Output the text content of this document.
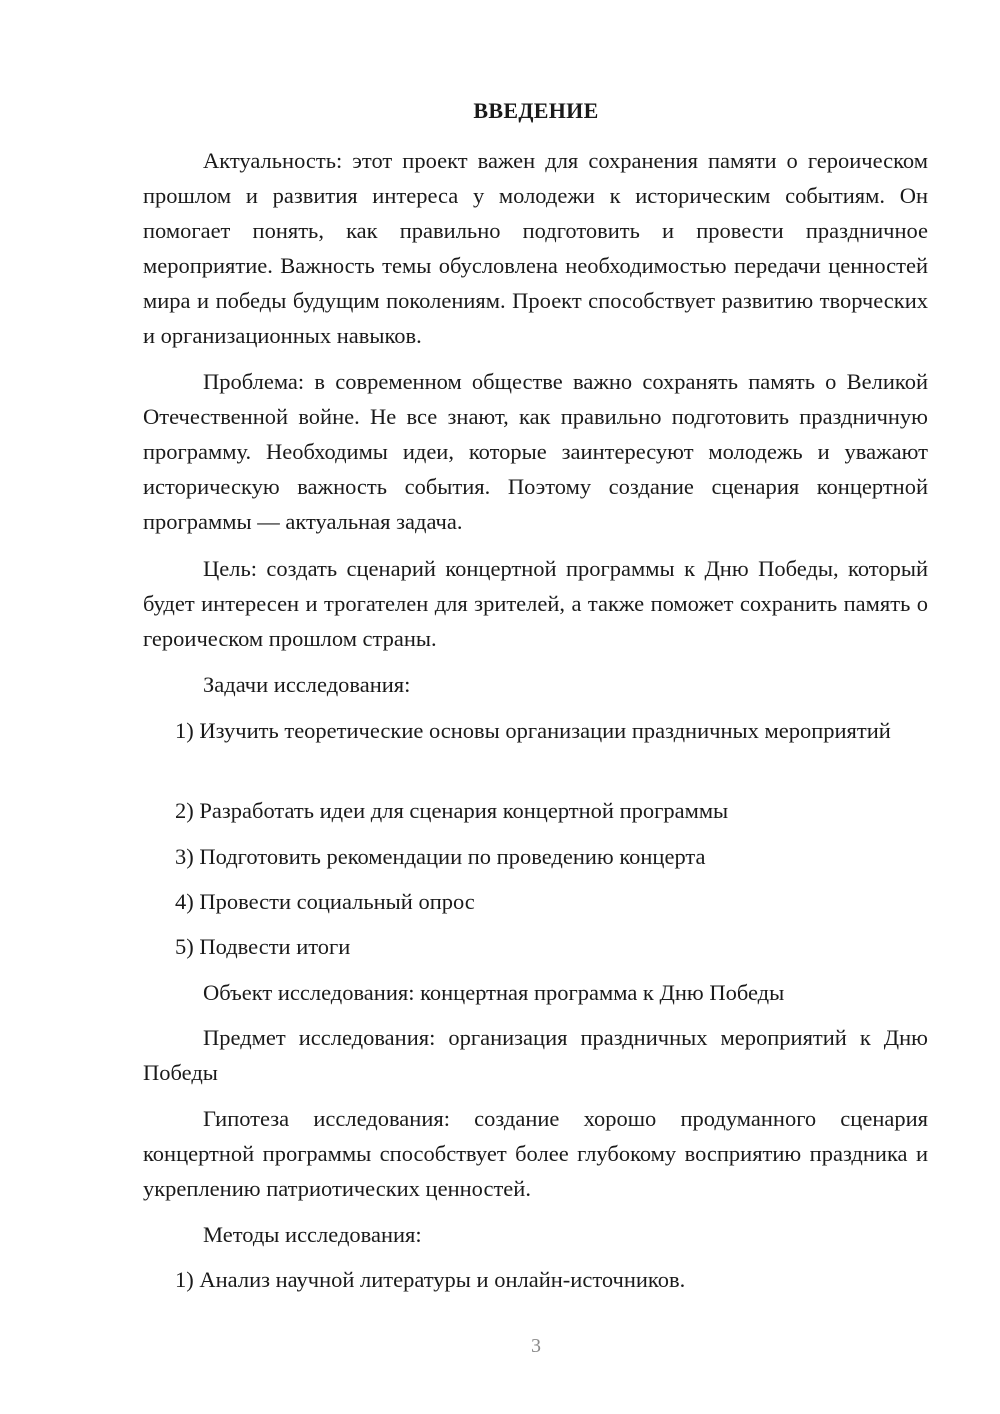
ВВЕДЕНИЕ

Актуальность: этот проект важен для сохранения памяти о героическом прошлом и развития интереса у молодежи к историческим событиям. Он помогает понять, как правильно подготовить и провести праздничное мероприятие. Важность темы обусловлена необходимостью передачи ценностей мира и победы будущим поколениям. Проект способствует развитию творческих и организационных навыков.

Проблема: в современном обществе важно сохранять память о Великой Отечественной войне. Не все знают, как правильно подготовить праздничную программу. Необходимы идеи, которые заинтересуют молодежь и уважают историческую важность события. Поэтому создание сценария концертной программы — актуальная задача.

Цель: создать сценарий концертной программы к Дню Победы, который будет интересен и трогателен для зрителей, а также поможет сохранить память о героическом прошлом страны.

Задачи исследования:

1) Изучить теоретические основы организации праздничных мероприятий

2) Разработать идеи для сценария концертной программы

3) Подготовить рекомендации по проведению концерта

4) Провести социальный опрос

5) Подвести итоги

Объект исследования: концертная программа к Дню Победы

Предмет исследования: организация праздничных мероприятий к Дню Победы

Гипотеза исследования: создание хорошо продуманного сценария концертной программы способствует более глубокому восприятию праздника и укреплению патриотических ценностей.

Методы исследования:

1) Анализ научной литературы и онлайн-источников.

3
